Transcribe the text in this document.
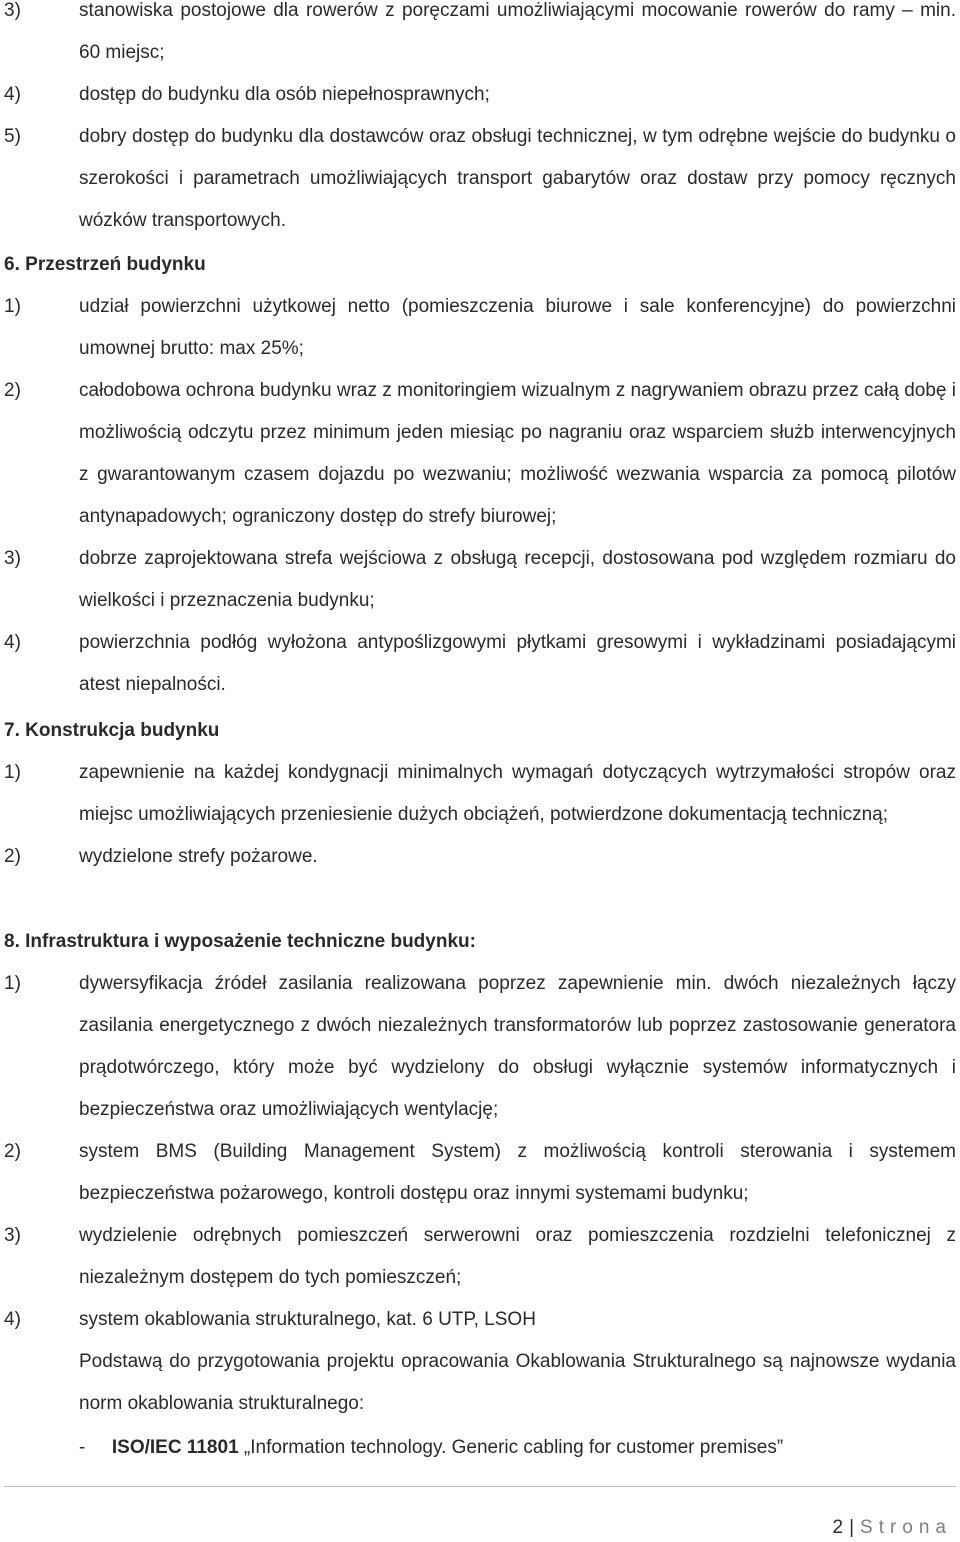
3)	stanowiska postojowe dla rowerów z poręczami umożliwiającymi mocowanie rowerów do ramy – min. 60 miejsc;
4)	dostęp do budynku dla osób niepełnosprawnych;
5)	dobry dostęp do budynku dla dostawców oraz obsługi technicznej, w tym odrębne wejście do budynku o szerokości i parametrach umożliwiających transport gabarytów oraz dostaw przy pomocy ręcznych wózków transportowych.
6. Przestrzeń budynku
1)	udział powierzchni użytkowej netto (pomieszczenia biurowe i sale konferencyjne) do powierzchni umownej brutto: max 25%;
2)	całodobowa ochrona budynku wraz z monitoringiem wizualnym z nagrywaniem obrazu przez całą dobę i możliwością odczytu przez minimum jeden miesiąc po nagraniu oraz wsparciem służb interwencyjnych z gwarantowanym czasem dojazdu po wezwaniu; możliwość wezwania wsparcia za pomocą pilotów antynapadowych; ograniczony dostęp do strefy biurowej;
3)	dobrze zaprojektowana strefa wejściowa z obsługą recepcji, dostosowana pod względem rozmiaru do wielkości i przeznaczenia budynku;
4)	powierzchnia podłóg wyłożona antypoślizgowymi płytkami gresowymi i wykładzinami posiadającymi atest niepalności.
7. Konstrukcja budynku
1)	zapewnienie na każdej kondygnacji minimalnych wymagań dotyczących wytrzymałości stropów oraz miejsc umożliwiających przeniesienie dużych obciążeń, potwierdzone dokumentacją techniczną;
2)	wydzielone strefy pożarowe.
8. Infrastruktura i wyposażenie techniczne budynku:
1)	dywersyfikacja źródeł zasilania realizowana poprzez zapewnienie min. dwóch niezależnych łączy zasilania energetycznego z dwóch niezależnych transformatorów lub poprzez zastosowanie generatora prądotwórczego, który może być wydzielony do obsługi wyłącznie systemów informatycznych i bezpieczeństwa oraz umożliwiających wentylację;
2)	system BMS (Building Management System) z możliwością kontroli sterowania i systemem bezpieczeństwa pożarowego, kontroli dostępu oraz innymi systemami budynku;
3)	wydzielenie odrębnych pomieszczeń serwerowni oraz pomieszczenia rozdzielni telefonicznej z niezależnym dostępem do tych pomieszczeń;
4)	system okablowania strukturalnego, kat. 6 UTP, LSOH
Podstawą do przygotowania projektu opracowania Okablowania Strukturalnego są najnowsze wydania norm okablowania strukturalnego:
- ISO/IEC 11801 „Information technology. Generic cabling for customer premises”
2 | Strona
